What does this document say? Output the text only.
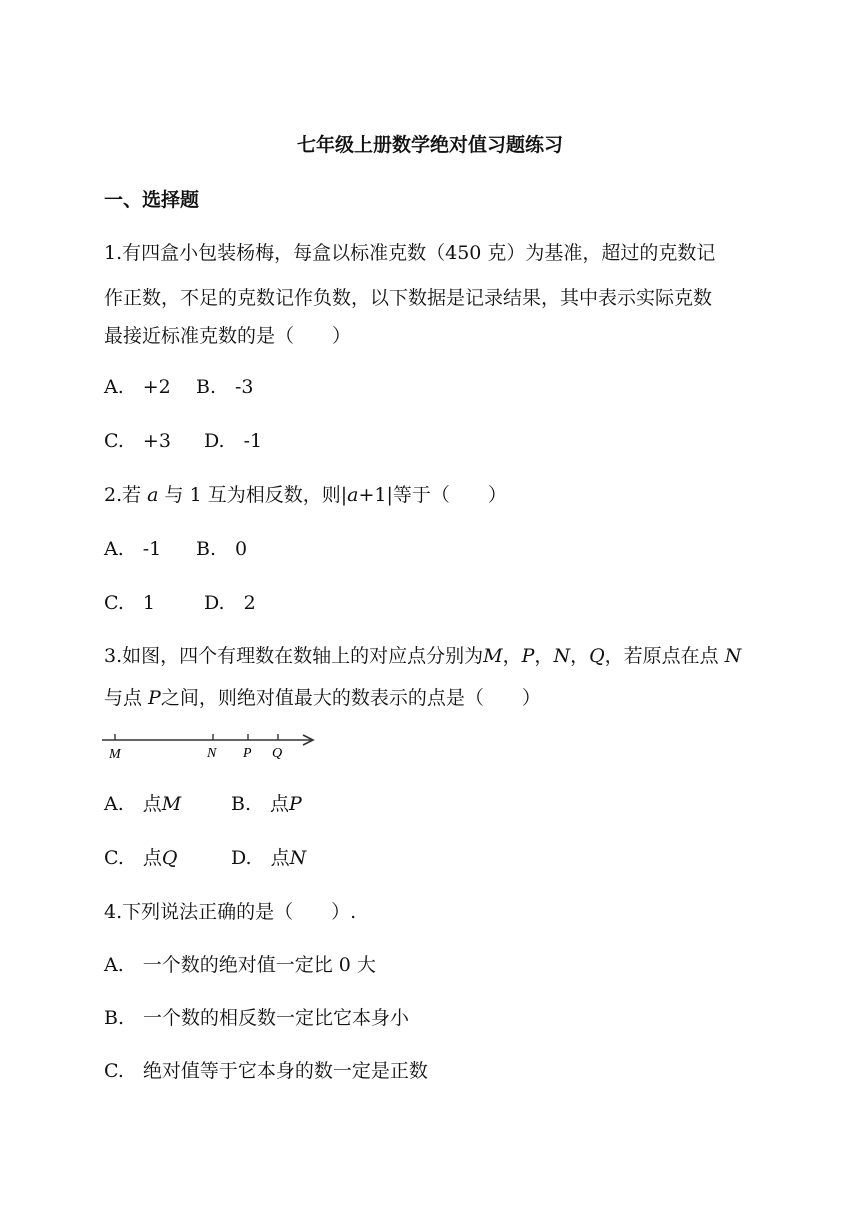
七年级上册数学绝对值习题练习
一、选择题
1.有四盒小包装杨梅，每盒以标准克数（450 克）为基准，超过的克数记
作正数，不足的克数记作负数，以下数据是记录结果，其中表示实际克数
最接近标准克数的是（　　）
A.　+2 B.　-3
C.　+3 D.　-1
2.若 a 与 1 互为相反数，则|a+1|等于（　　）
A.　-1 B.　0
C.　1	D.　2
3.如图，四个有理数在数轴上的对应点分别为M，P，N，Q，若原点在点 N
与点 P之间，则绝对值最大的数表示的点是（　　）
M	N P Q
A.　点M	B.　点P
C.　点Q	D.　点N
4.下列说法正确的是（　　）.
A.　一个数的绝对值一定比 0 大
B.　一个数的相反数一定比它本身小
C.　绝对值等于它本身的数一定是正数
